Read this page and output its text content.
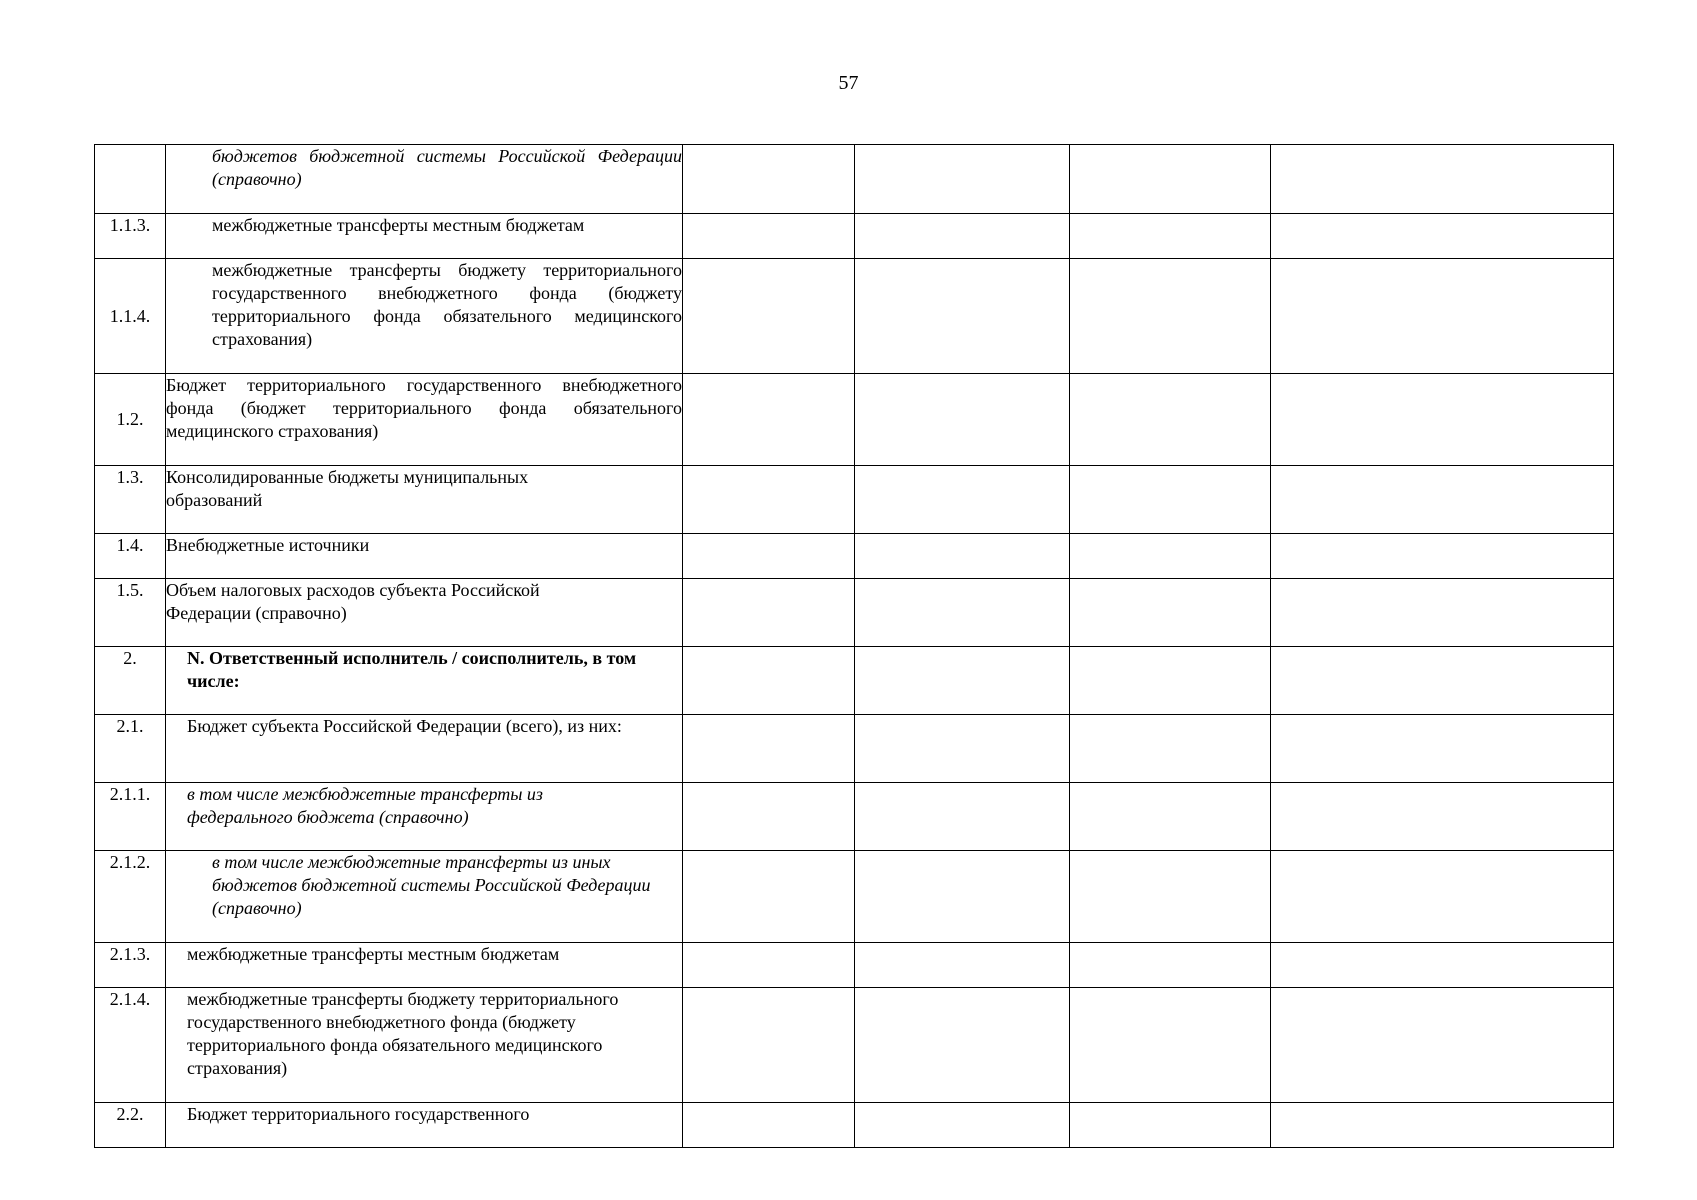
57
	бюджетов бюджетной системы Российской Федерации (справочно)				
1.1.3.	межбюджетные трансферты местным бюджетам				
1.1.4.	межбюджетные трансферты бюджету территориального государственного внебюджетного фонда (бюджету территориального фонда обязательного медицинского страхования)				
1.2.	Бюджет территориального государственного внебюджетного фонда (бюджет территориального фонда обязательного медицинского страхования)				
1.3.	Консолидированные бюджеты муниципальных образований				
1.4.	Внебюджетные источники				
1.5.	Объем налоговых расходов субъекта Российской Федерации (справочно)				
2.	N. Ответственный исполнитель / соисполнитель, в том числе:				
2.1.	Бюджет субъекта Российской Федерации (всего), из них:				
2.1.1.	в том числе межбюджетные трансферты из федерального бюджета (справочно)				
2.1.2.	в том числе межбюджетные трансферты из иных бюджетов бюджетной системы Российской Федерации (справочно)				
2.1.3.	межбюджетные трансферты местным бюджетам				
2.1.4.	межбюджетные трансферты бюджету территориального государственного внебюджетного фонда (бюджету территориального фонда обязательного медицинского страхования)				
2.2.	Бюджет территориального государственного				
